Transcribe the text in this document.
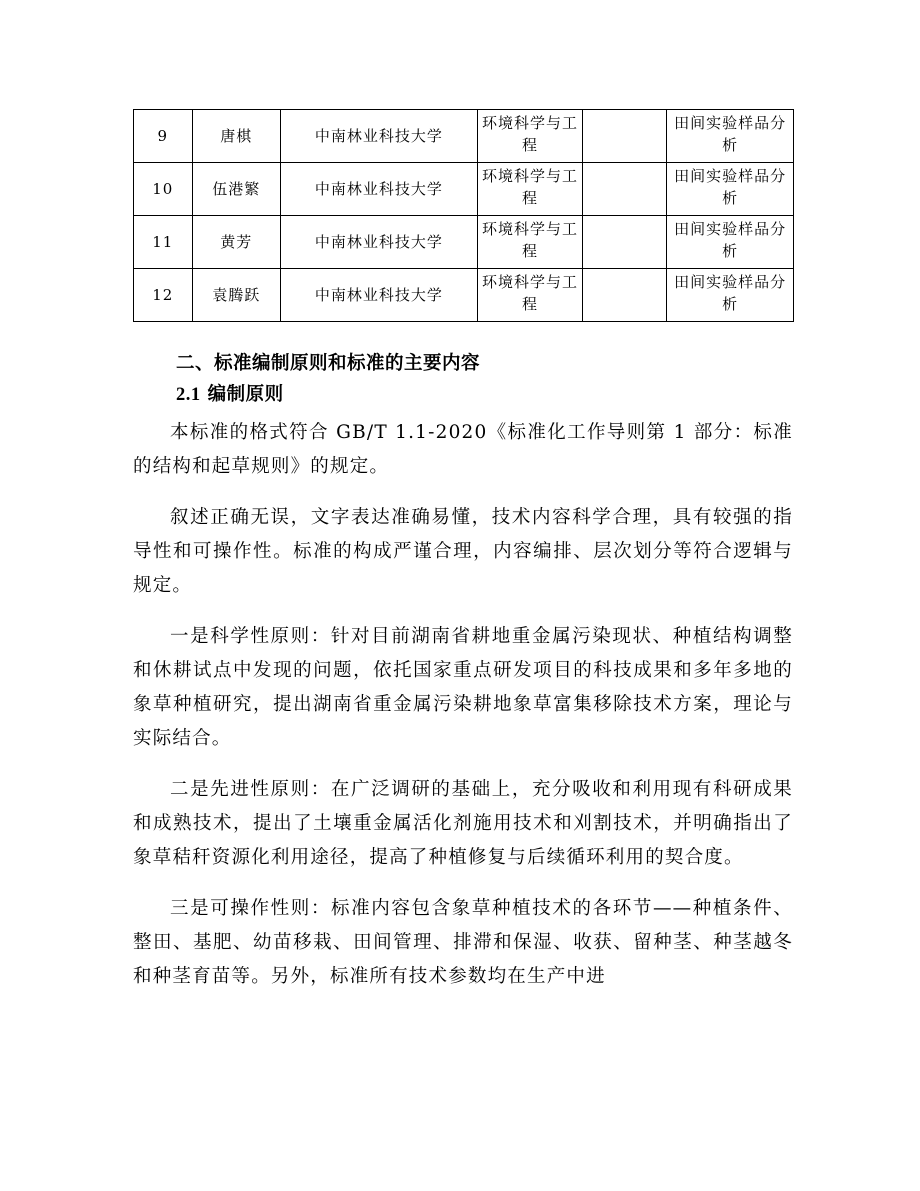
9	唐棋	中南林业科技大学	环境科学与工程		田间实验样品分析
10	伍港繁	中南林业科技大学	环境科学与工程		田间实验样品分析
11	黄芳	中南林业科技大学	环境科学与工程		田间实验样品分析
12	袁腾跃	中南林业科技大学	环境科学与工程		田间实验样品分析
二、标准编制原则和标准的主要内容
2.1 编制原则

本标准的格式符合 GB/T 1.1-2020《标准化工作导则第 1 部分：标准的结构和起草规则》的规定。

叙述正确无误，文字表达准确易懂，技术内容科学合理，具有较强的指导性和可操作性。标准的构成严谨合理，内容编排、层次划分等符合逻辑与规定。

一是科学性原则：针对目前湖南省耕地重金属污染现状、种植结构调整和休耕试点中发现的问题，依托国家重点研发项目的科技成果和多年多地的象草种植研究，提出湖南省重金属污染耕地象草富集移除技术方案，理论与实际结合。

二是先进性原则：在广泛调研的基础上，充分吸收和利用现有科研成果和成熟技术，提出了土壤重金属活化剂施用技术和刈割技术，并明确指出了象草秸秆资源化利用途径，提高了种植修复与后续循环利用的契合度。

三是可操作性则：标准内容包含象草种植技术的各环节——种植条件、整田、基肥、幼苗移栽、田间管理、排滞和保湿、收获、留种茎、种茎越冬和种茎育苗等。另外，标准所有技术参数均在生产中进
